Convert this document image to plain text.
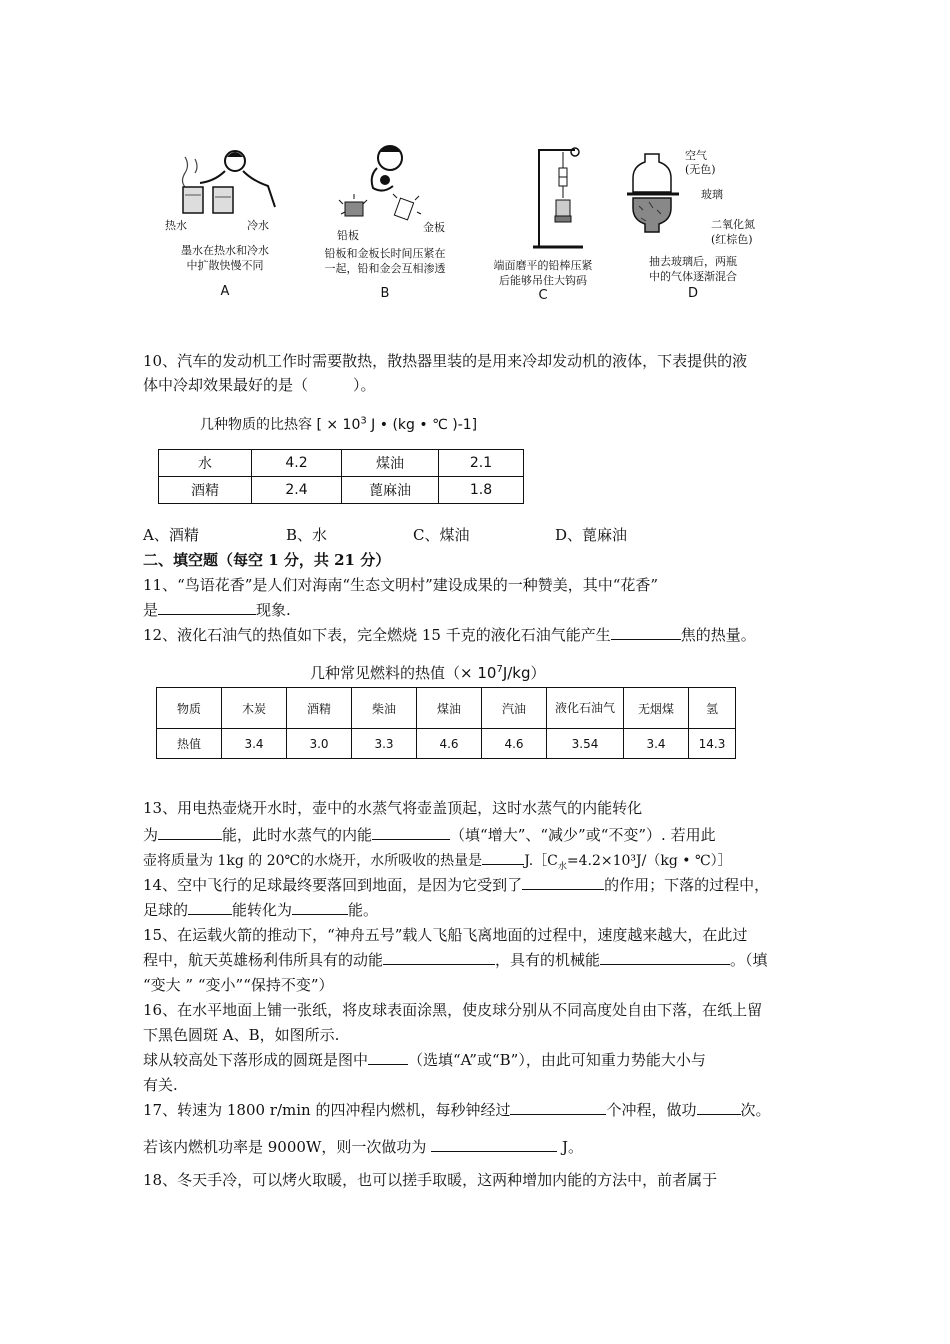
热水	冷水
墨水在热水和冷水
中扩散快慢不同
A
铅板
金板
铅板和金板长时间压紧在
一起，铅和金会互相渗透
B
端面磨平的铅棒压紧
后能够吊住大钩码
C
空气
(无色)
玻璃
二氧化氮
(红棕色)
抽去玻璃后，两瓶
中的气体逐渐混合
D
10、汽车的发动机工作时需要散热，散热器里装的是用来冷却发动机的液体，下表提供的液
体中冷却效果最好的是（　　　）。
几种物质的比热容 [ × $10^3$ J • (kg • ℃ )-1]
水	4.2	煤油	2.1
酒精	2.4	蓖麻油	1.8
A、酒精	B、水	C、煤油	D、蓖麻油
二、填空题（每空 1 分，共 21 分）
11、“鸟语花香”是人们对海南“生态文明村”建设成果的一种赞美，其中“花香”
是	现象.
12、液化石油气的热值如下表，完全燃烧 15 千克的液化石油气能产生	焦的热量。
几种常见燃料的热值（× $10^7J/kg$）
物质	木炭	酒精	柴油	煤油	汽油	液化石油气	无烟煤	氢
热值	3.4	3.0	3.3	4.6	4.6	3.54	3.4	14.3
13、用电热壶烧开水时，壶中的水蒸气将壶盖顶起，这时水蒸气的内能转化
为	能，此时水蒸气的内能	（填“增大”、“减少”或“不变”）. 若用此
壶将质量为 1kg 的 20℃的水烧开，水所吸收的热量是	$J.[C_水=4.2\times 10^3J/(kg$ • ℃）］
14、空中飞行的足球最终要落回到地面，是因为它受到了	的作用；下落的过程中，
足球的	能转化为	能。
15、在运载火箭的推动下，“神舟五号”载人飞船飞离地面的过程中，速度越来越大，在此过
程中，航天英雄杨利伟所具有的动能	，具有的机械能	。（填
“变大 ” “变小”“保持不变”）
16、在水平地面上铺一张纸，将皮球表面涂黑，使皮球分别从不同高度处自由下落，在纸上留
下黑色圆斑 A、B，如图所示.
球从较高处下落形成的圆斑是图中	（选填“A”或“B”），由此可知重力势能大小与
有关.
17、转速为 1800 r/min 的四冲程内燃机，每秒钟经过	个冲程，做功	次。
若该内燃机功率是 9000W，则一次做功为	J。
18、冬天手冷，可以烤火取暖，也可以搓手取暖，这两种增加内能的方法中，前者属于
